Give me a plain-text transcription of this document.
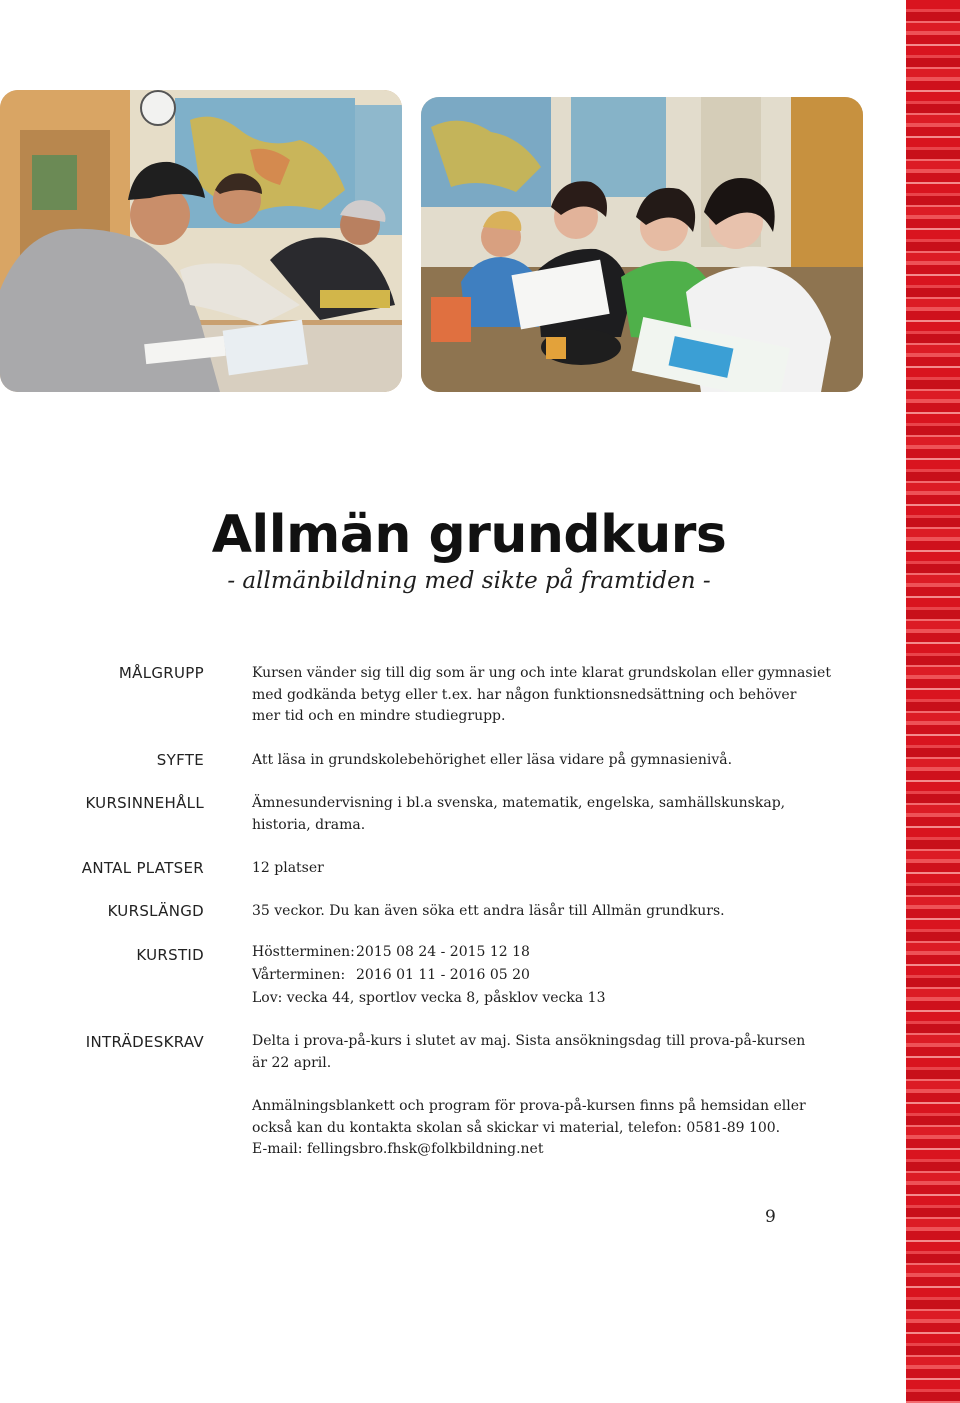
Allmän grundkurs
- allmänbildning med sikte på framtiden -
MÅLGRUPP	Kursen vänder sig till dig som är ung och inte klarat grundskolan eller gymnasiet
med godkända betyg eller t.ex. har någon funktionsnedsättning och behöver
mer tid och en mindre studiegrupp.
SYFTE	Att läsa in grundskolebehörighet eller läsa vidare på gymnasienivå.
KURSINNEHÅLL	Ämnesundervisning i bl.a svenska, matematik, engelska, samhällskunskap,
historia, drama.
ANTAL PLATSER	12 platser
KURSLÄNGD	35 veckor. Du kan även söka ett andra läsår till Allmän grundkurs.
KURSTID	Höstterminen:2015 08 24 - 2015 12 18
Vårterminen: 2016 01 11 - 2016 05 20
Lov: vecka 44, sportlov vecka 8, påsklov vecka 13
INTRÄDESKRAV	Delta i prova-på-kurs i slutet av maj. Sista ansökningsdag till prova-på-kursen
är 22 april.
Anmälningsblankett och program för prova-på-kursen finns på hemsidan eller
också kan du kontakta skolan så skickar vi material, telefon: 0581-89 100.
E-mail: fellingsbro.fhsk@folkbildning.net
9
